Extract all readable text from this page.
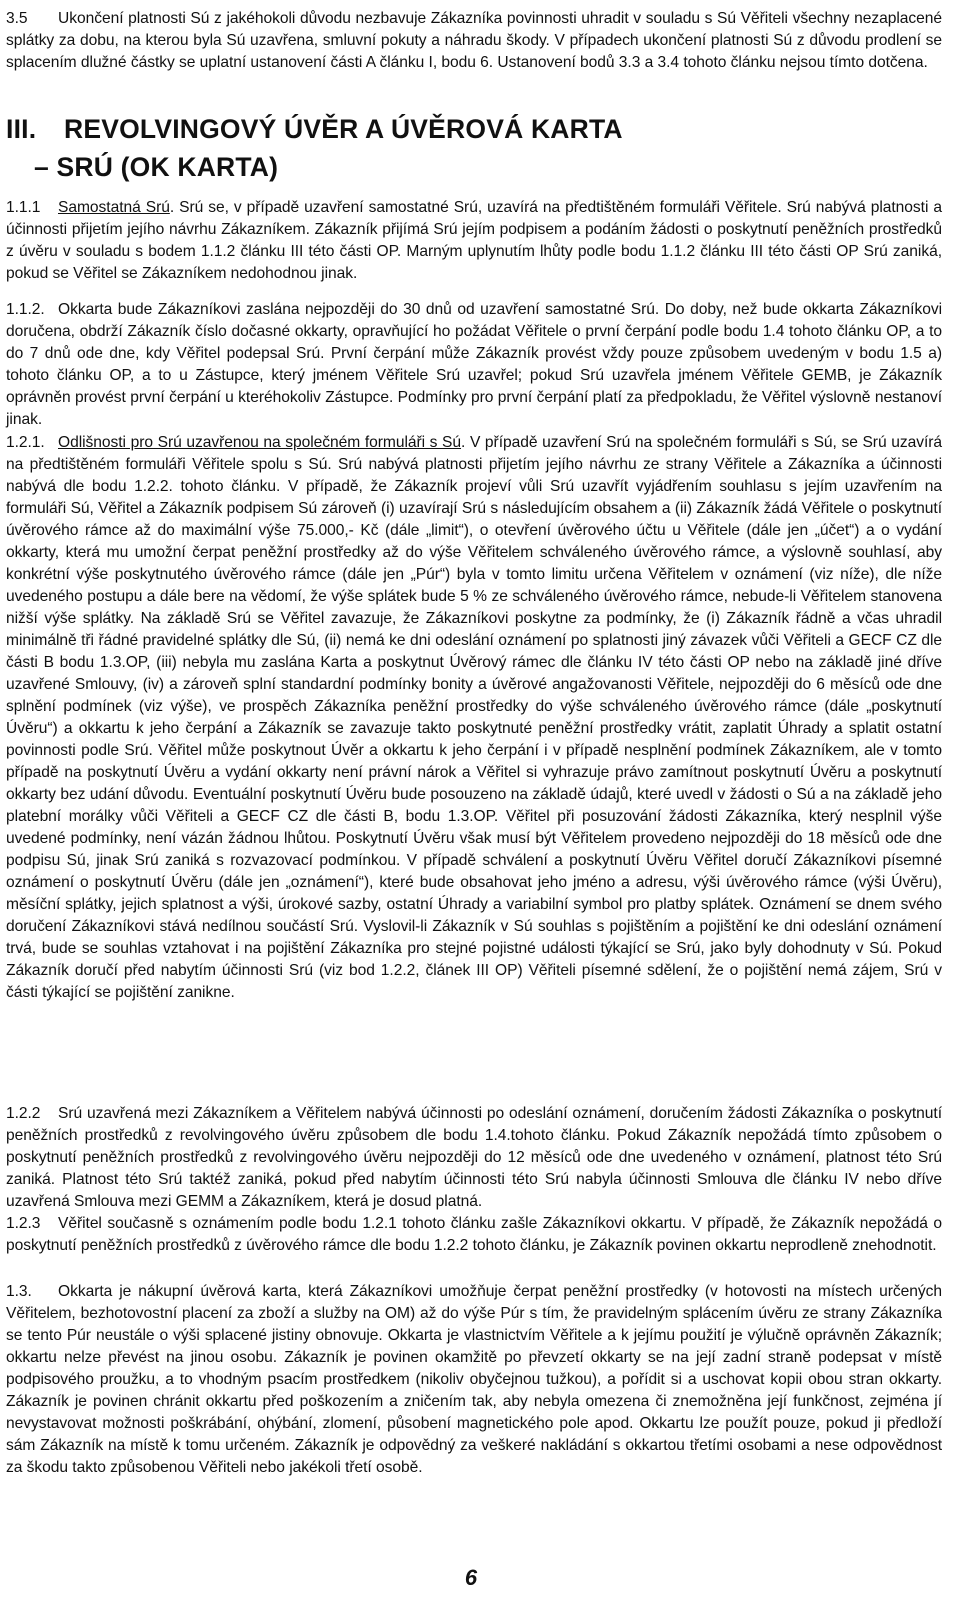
3.5 Ukončení platnosti Sú z jakéhokoli důvodu nezbavuje Zákazníka povinnosti uhradit v souladu s Sú Věřiteli všechny nezaplacené splátky za dobu, na kterou byla Sú uzavřena, smluvní pokuty a náhradu škody. V případech ukončení platnosti Sú z důvodu prodlení se splacením dlužné částky se uplatní ustanovení části A článku I, bodu 6. Ustanovení bodů 3.3 a 3.4 tohoto článku nejsou tímto dotčena.

III. REVOLVINGOVÝ ÚVĚR A ÚVĚROVÁ KARTA
– SRÚ (OK KARTA)

1.1.1 Samostatná Srú. Srú se, v případě uzavření samostatné Srú, uzavírá na předtištěném formuláři Věřitele. Srú nabývá platnosti a účinnosti přijetím jejího návrhu Zákazníkem. Zákazník přijímá Srú jejím podpisem a podáním žádosti o poskytnutí peněžních prostředků z úvěru v souladu s bodem 1.1.2 článku III této části OP. Marným uplynutím lhůty podle bodu 1.1.2 článku III této části OP Srú zaniká, pokud se Věřitel se Zákazníkem nedohodnou jinak.

1.1.2. Okkarta bude Zákazníkovi zaslána nejpozději do 30 dnů od uzavření samostatné Srú. Do doby, než bude okkarta Zákazníkovi doručena, obdrží Zákazník číslo dočasné okkarty, opravňující ho požádat Věřitele o první čerpání podle bodu 1.4 tohoto článku OP, a to do 7 dnů ode dne, kdy Věřitel podepsal Srú. První čerpání může Zákazník provést vždy pouze způsobem uvedeným v bodu 1.5 a) tohoto článku OP, a to u Zástupce, který jménem Věřitele Srú uzavřel; pokud Srú uzavřela jménem Věřitele GEMB, je Zákazník oprávněn provést první čerpání u kteréhokoliv Zástupce. Podmínky pro první čerpání platí za předpokladu, že Věřitel výslovně nestanoví jinak.

1.2.1. Odlišnosti pro Srú uzavřenou na společném formuláři s Sú. V případě uzavření Srú na společném formuláři s Sú, se Srú uzavírá na předtištěném formuláři Věřitele spolu s Sú. Srú nabývá platnosti přijetím jejího návrhu ze strany Věřitele a Zákazníka a účinnosti nabývá dle bodu 1.2.2. tohoto článku. V případě, že Zákazník projeví vůli Srú uzavřít vyjádřením souhlasu s jejím uzavřením na formuláři Sú, Věřitel a Zákazník podpisem Sú zároveň (i) uzavírají Srú s následujícím obsahem a (ii) Zákazník žádá Věřitele o poskytnutí úvěrového rámce až do maximální výše 75.000,- Kč (dále „limit“), o otevření úvěrového účtu u Věřitele (dále jen „účet“) a o vydání okkarty, která mu umožní čerpat peněžní prostředky až do výše Věřitelem schváleného úvěrového rámce, a výslovně souhlasí, aby konkrétní výše poskytnutého úvěrového rámce (dále jen „Púr“) byla v tomto limitu určena Věřitelem v oznámení (viz níže), dle níže uvedeného postupu a dále bere na vědomí, že výše splátek bude 5 % ze schváleného úvěrového rámce, nebude-li Věřitelem stanovena nižší výše splátky. Na základě Srú se Věřitel zavazuje, že Zákazníkovi poskytne za podmínky, že (i) Zákazník řádně a včas uhradil minimálně tři řádné pravidelné splátky dle Sú, (ii) nemá ke dni odeslání oznámení po splatnosti jiný závazek vůči Věřiteli a GECF CZ dle části B bodu 1.3.OP, (iii) nebyla mu zaslána Karta a poskytnut Úvěrový rámec dle článku IV této části OP nebo na základě jiné dříve uzavřené Smlouvy, (iv) a zároveň splní standardní podmínky bonity a úvěrové angažovanosti Věřitele, nejpozději do 6 měsíců ode dne splnění podmínek (viz výše), ve prospěch Zákazníka peněžní prostředky do výše schváleného úvěrového rámce (dále „poskytnutí Úvěru“) a okkartu k jeho čerpání a Zákazník se zavazuje takto poskytnuté peněžní prostředky vrátit, zaplatit Úhrady a splatit ostatní povinnosti podle Srú. Věřitel může poskytnout Úvěr a okkartu k jeho čerpání i v případě nesplnění podmínek Zákazníkem, ale v tomto případě na poskytnutí Úvěru a vydání okkarty není právní nárok a Věřitel si vyhrazuje právo zamítnout poskytnutí Úvěru a poskytnutí okkarty bez udání důvodu. Eventuální poskytnutí Úvěru bude posouzeno na základě údajů, které uvedl v žádosti o Sú a na základě jeho platební morálky vůči Věřiteli a GECF CZ dle části B, bodu 1.3.OP. Věřitel při posuzování žádosti Zákazníka, který nesplnil výše uvedené podmínky, není vázán žádnou lhůtou. Poskytnutí Úvěru však musí být Věřitelem provedeno nejpozději do 18 měsíců ode dne podpisu Sú, jinak Srú zaniká s rozvazovací podmínkou. V případě schválení a poskytnutí Úvěru Věřitel doručí Zákazníkovi písemné oznámení o poskytnutí Úvěru (dále jen „oznámení“), které bude obsahovat jeho jméno a adresu, výši úvěrového rámce (výši Úvěru), měsíční splátky, jejich splatnost a výši, úrokové sazby, ostatní Úhrady a variabilní symbol pro platby splátek. Oznámení se dnem svého doručení Zákazníkovi stává nedílnou součástí Srú. Vyslovil-li Zákazník v Sú souhlas s pojištěním a pojištění ke dni odeslání oznámení trvá, bude se souhlas vztahovat i na pojištění Zákazníka pro stejné pojistné události týkající se Srú, jako byly dohodnuty v Sú. Pokud Zákazník doručí před nabytím účinnosti Srú (viz bod 1.2.2, článek III OP) Věřiteli písemné sdělení, že o pojištění nemá zájem, Srú v části týkající se pojištění zanikne.

1.2.2 Srú uzavřená mezi Zákazníkem a Věřitelem nabývá účinnosti po odeslání oznámení, doručením žádosti Zákazníka o poskytnutí peněžních prostředků z revolvingového úvěru způsobem dle bodu 1.4.tohoto článku. Pokud Zákazník nepožádá tímto způsobem o poskytnutí peněžních prostředků z revolvingového úvěru nejpozději do 12 měsíců ode dne uvedeného v oznámení, platnost této Srú zaniká. Platnost této Srú taktéž zaniká, pokud před nabytím účinnosti této Srú nabyla účinnosti Smlouva dle článku IV nebo dříve uzavřená Smlouva mezi GEMM a Zákazníkem, která je dosud platná.

1.2.3 Věřitel současně s oznámením podle bodu 1.2.1 tohoto článku zašle Zákazníkovi okkartu. V případě, že Zákazník nepožádá o poskytnutí peněžních prostředků z úvěrového rámce dle bodu 1.2.2 tohoto článku, je Zákazník povinen okkartu neprodleně znehodnotit.

1.3. Okkarta je nákupní úvěrová karta, která Zákazníkovi umožňuje čerpat peněžní prostředky (v hotovosti na místech určených Věřitelem, bezhotovostní placení za zboží a služby na OM) až do výše Púr s tím, že pravidelným splácením úvěru ze strany Zákazníka se tento Púr neustále o výši splacené jistiny obnovuje. Okkarta je vlastnictvím Věřitele a k jejímu použití je výlučně oprávněn Zákazník; okkartu nelze převést na jinou osobu. Zákazník je povinen okamžitě po převzetí okkarty se na její zadní straně podepsat v místě podpisového proužku, a to vhodným psacím prostředkem (nikoliv obyčejnou tužkou), a pořídit si a uschovat kopii obou stran okkarty. Zákazník je povinen chránit okkartu před poškozením a zničením tak, aby nebyla omezena či znemožněna její funkčnost, zejména jí nevystavovat možnosti poškrábání, ohýbání, zlomení, působení magnetického pole apod. Okkartu lze použít pouze, pokud ji předloží sám Zákazník na místě k tomu určeném. Zákazník je odpovědný za veškeré nakládání s okkartou třetími osobami a nese odpovědnost za škodu takto způsobenou Věřiteli nebo jakékoli třetí osobě.

6
